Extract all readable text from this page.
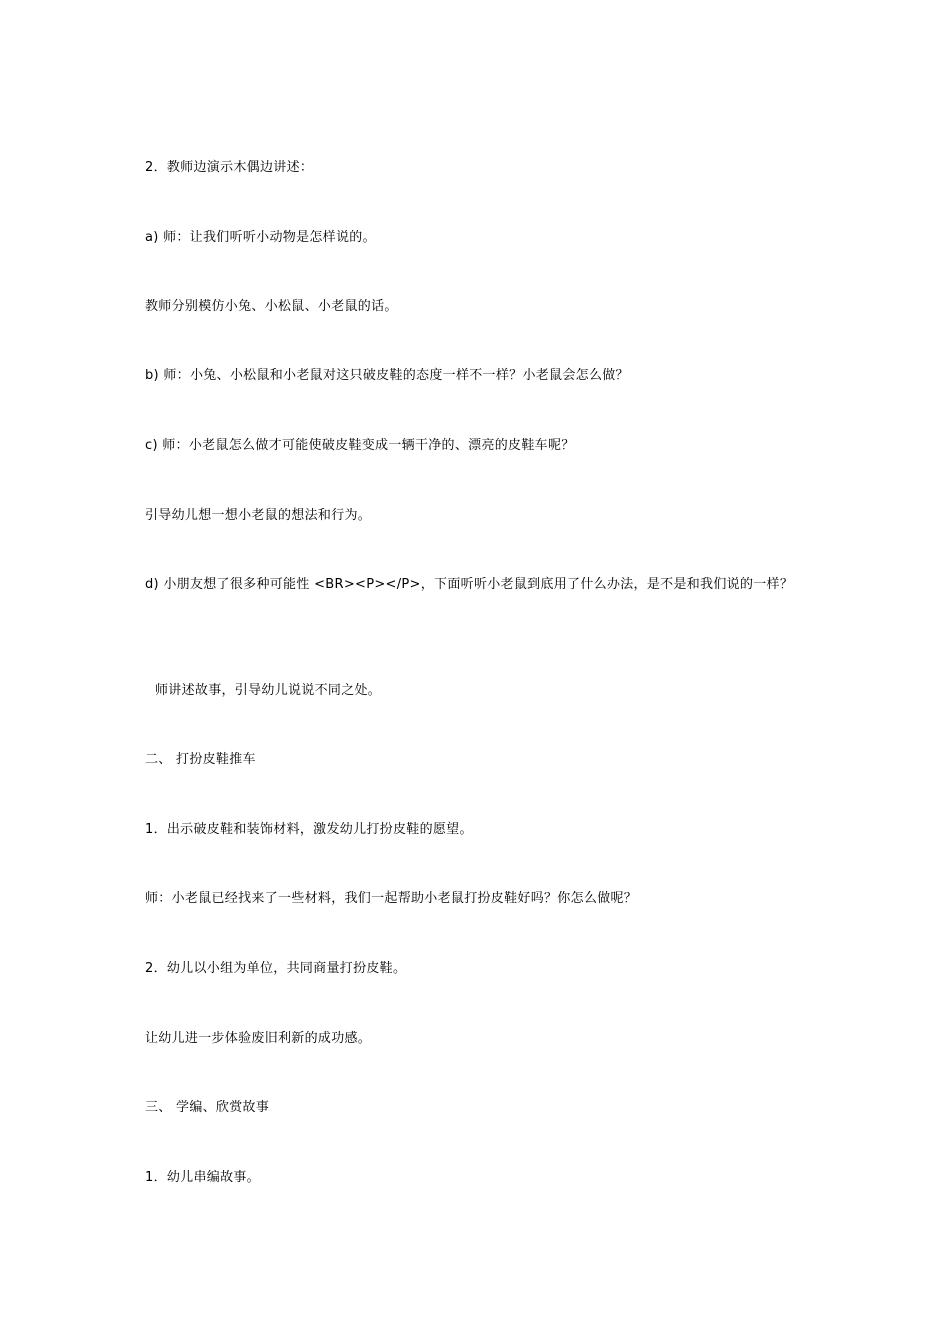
2．教师边演示木偶边讲述：
a) 师：让我们听听小动物是怎样说的。
教师分别模仿小兔、小松鼠、小老鼠的话。
b) 师：小兔、小松鼠和小老鼠对这只破皮鞋的态度一样不一样？小老鼠会怎么做？
c) 师：小老鼠怎么做才可能使破皮鞋变成一辆干净的、漂亮的皮鞋车呢？
引导幼儿想一想小老鼠的想法和行为。
d) 小朋友想了很多种可能性 <BR><P></P>，下面听听小老鼠到底用了什么办法，是不是和我们说的一样？
师讲述故事，引导幼儿说说不同之处。
二、 打扮皮鞋推车
1．出示破皮鞋和装饰材料，激发幼儿打扮皮鞋的愿望。
师：小老鼠已经找来了一些材料，我们一起帮助小老鼠打扮皮鞋好吗？你怎么做呢？
2．幼儿以小组为单位，共同商量打扮皮鞋。
让幼儿进一步体验废旧利新的成功感。
三、 学编、欣赏故事
1．幼儿串编故事。
